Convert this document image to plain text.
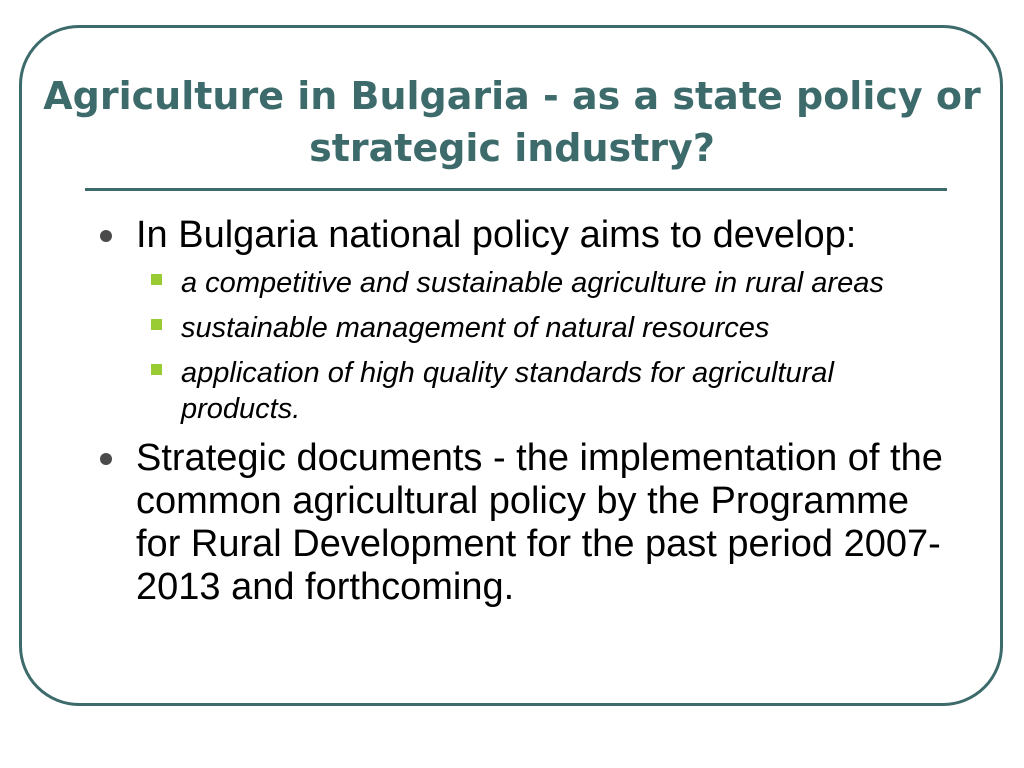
Agriculture in Bulgaria - as a state policy or strategic industry?
In Bulgaria national policy aims to develop:
a competitive and sustainable agriculture in rural areas
sustainable management of natural resources
application of high quality standards for agricultural products.
Strategic documents - the implementation of the common agricultural policy by the Programme for Rural Development for the past period 2007-2013 and forthcoming.
